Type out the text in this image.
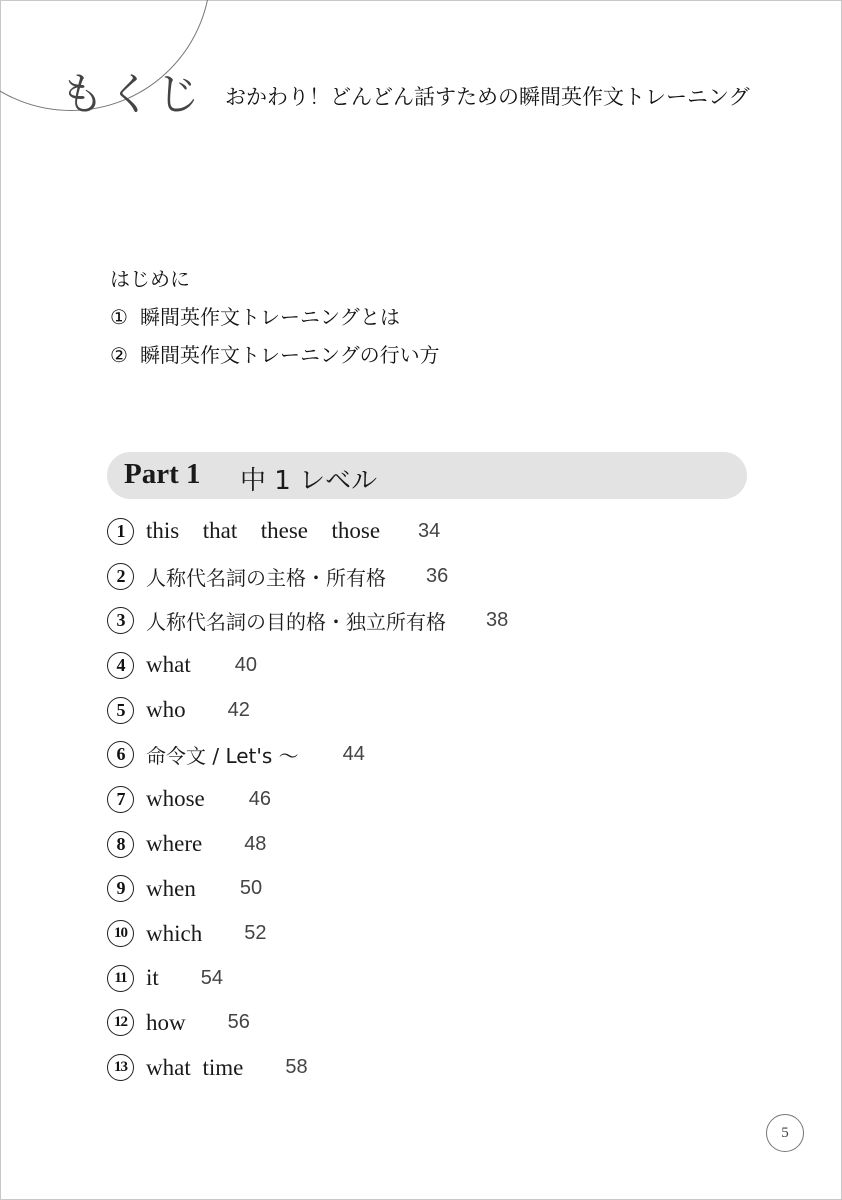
もくじ おかわり！どんどん話すための瞬間英作文トレーニング
はじめに
① 瞬間英作文トレーニングとは
② 瞬間英作文トレーニングの行い方
Part 1 中 1 レベル
1 this  that  these  those 34
2	人称代名詞の主格・所有格 36
3	人称代名詞の目的格・独立所有格 38
4 what 40
5 who 42
6	命令文 / Let's ～ 44
7 whose 46
8 where 48
9 when 50
10 which 52
11 it 54
12 how 56
13 what time 58
5
